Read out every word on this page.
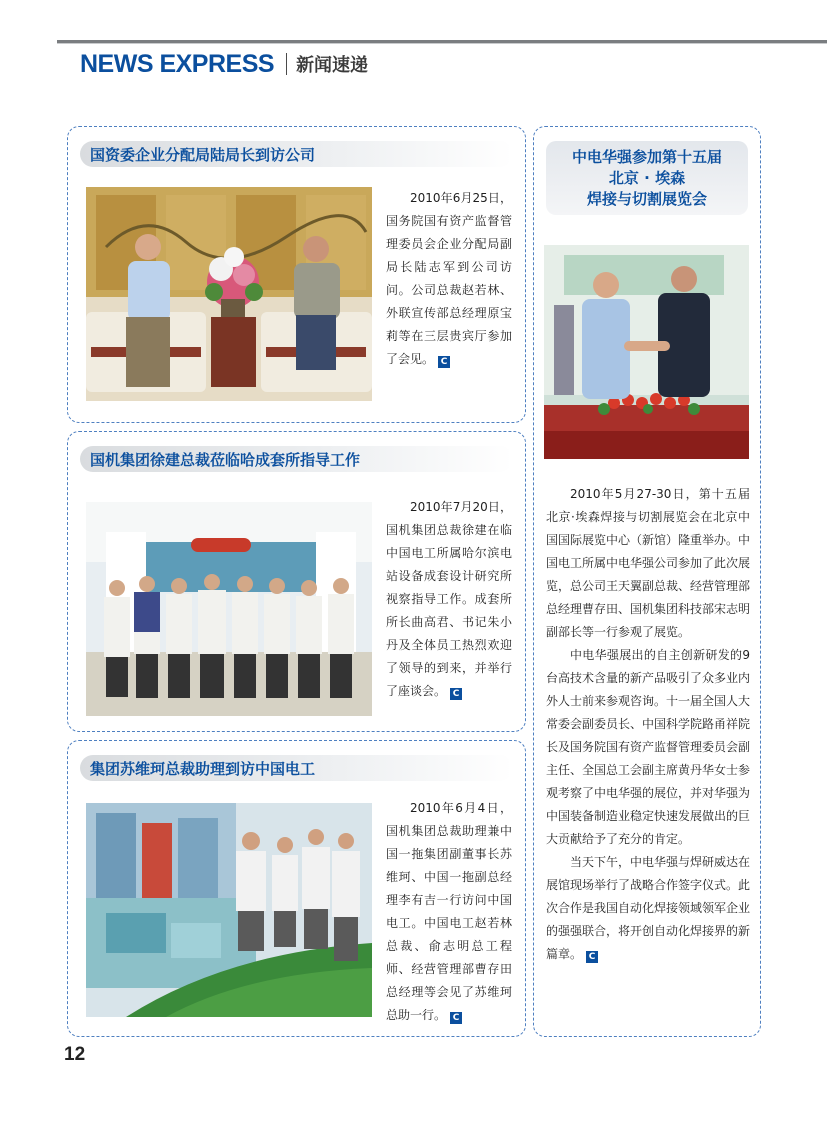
NEWS EXPRESS 新闻速递
国资委企业分配局陆局长到访公司
2010年6月25日，国务院国有资产监督管理委员会企业分配局副局长陆志军到公司访问。公司总裁赵若林、外联宣传部总经理原宝莉等在三层贵宾厅参加了会见。 C
国机集团徐建总裁莅临哈成套所指导工作
2010年7月20日，国机集团总裁徐建在临中国电工所属哈尔滨电站设备成套设计研究所视察指导工作。成套所所长曲高君、书记朱小丹及全体员工热烈欢迎了领导的到来，并举行了座谈会。 C
集团苏维珂总裁助理到访中国电工
2010年6月4日，国机集团总裁助理兼中国一拖集团副董事长苏维珂、中国一拖副总经理李有吉一行访问中国电工。中国电工赵若林总裁、俞志明总工程师、经营管理部曹存田总经理等会见了苏维珂总助一行。 C
中电华强参加第十五届
北京 · 埃森
焊接与切割展览会

2010年5月27-30日，第十五届北京·埃森焊接与切割展览会在北京中国国际展览中心（新馆）隆重举办。中国电工所属中电华强公司参加了此次展览，总公司王天翼副总裁、经营管理部总经理曹存田、国机集团科技部宋志明副部长等一行参观了展览。

中电华强展出的自主创新研发的9台高技术含量的新产品吸引了众多业内外人士前来参观咨询。十一届全国人大常委会副委员长、中国科学院路甬祥院长及国务院国有资产监督管理委员会副主任、全国总工会副主席黄丹华女士参观考察了中电华强的展位，并对华强为中国装备制造业稳定快速发展做出的巨大贡献给予了充分的肯定。

当天下午，中电华强与焊研威达在展馆现场举行了战略合作签字仪式。此次合作是我国自动化焊接领域领军企业的强强联合，将开创自动化焊接界的新篇章。 C

12
